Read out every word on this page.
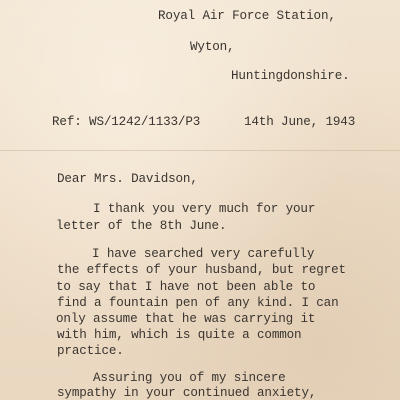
Royal Air Force Station,

Wyton,

Huntingdonshire.

Ref: WS/1242/1133/P3	14th June, 1943

Dear Mrs. Davidson,

I thank you very much for your

letter of the 8th June.

I have searched very carefully

the effects of your husband, but regret

to say that I have not been able to

find a fountain pen of any kind. I can

only assume that he was carrying it

with him, which is quite a common

practice.

Assuring you of my sincere

sympathy in your continued anxiety,
